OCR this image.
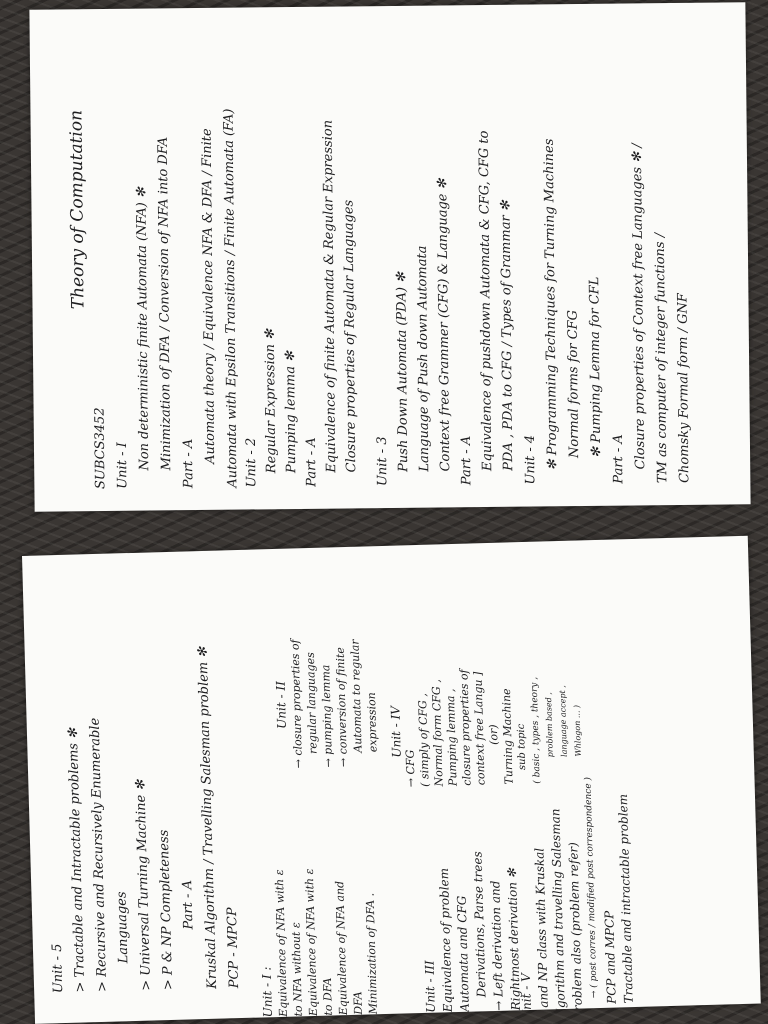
Theory of Computation
SUBCS3452 Unit - I Non deterministic finite Automata (NFA) ✻ Minimization of DFA / Conversion of NFA into DFA Part - A Automata theory / Equivalence NFA & DFA / Finite Automata with Epsilon Transitions / Finite Automata (FA) Unit - 2 Regular Expression ✻ Pumping lemma ✻ Part - A Equivalence of finite Automata & Regular Expression Closure properties of Regular Languages	Unit - 3 Push Down Automata (PDA) ✻ Language of Push down Automata Context free Grammer (CFG) & Language ✻ Part - A Equivalence of pushdown Automata & CFG, CFG to PDA , PDA to CFG / Types of Grammar ✻ Unit - 4 ✻ Programming Techniques for Turning Machines Normal forms for CFG ✻ Pumping Lemma for CFL
Part - A Closure properties of Context free Languages ✻ / TM as computer of integer functions / Chomsky Formal form / GNF
Unit - 5 > Tractable and Intractable problems ✻ > Recursive and Recursively Enumerable Languages > Universal Turning Machine ✻ > P & NP Completeness Part - A Kruskal Algorithm / Travelling Salesman problem ✻ PCP - MPCP
Unit - I :
Equivalence of NFA with ε to NFA without ε
Equivalence of NFA with ε to DFA
Equivalence of NFA and DFA
Minimization of DFA .
Unit - II → closure properties of
regular languages → pumping lemma
→ conversion of finite
Automata to regular expression
Unit - III
Equivalence of problem Automata and CFG
Derivations, Parse trees → Left derivation and Rightmost derivation ✻
Unit - IV
→ CFG
( simply of CFG ,
Normal form CFG ,
Pumping lemma ,
closure properties of
context free Langu ] (or) Turning Machine sub topic ( basic , types , theory , problem based , language accept , Whlogon ... )
Unit - V
P and NP class with Kruskal
algorithm and travelling Salesman
problem also (problem refer)
→ ( post corres / modified post correspondence ) → PCP and MPCP
→ Tractable and intractable problem
